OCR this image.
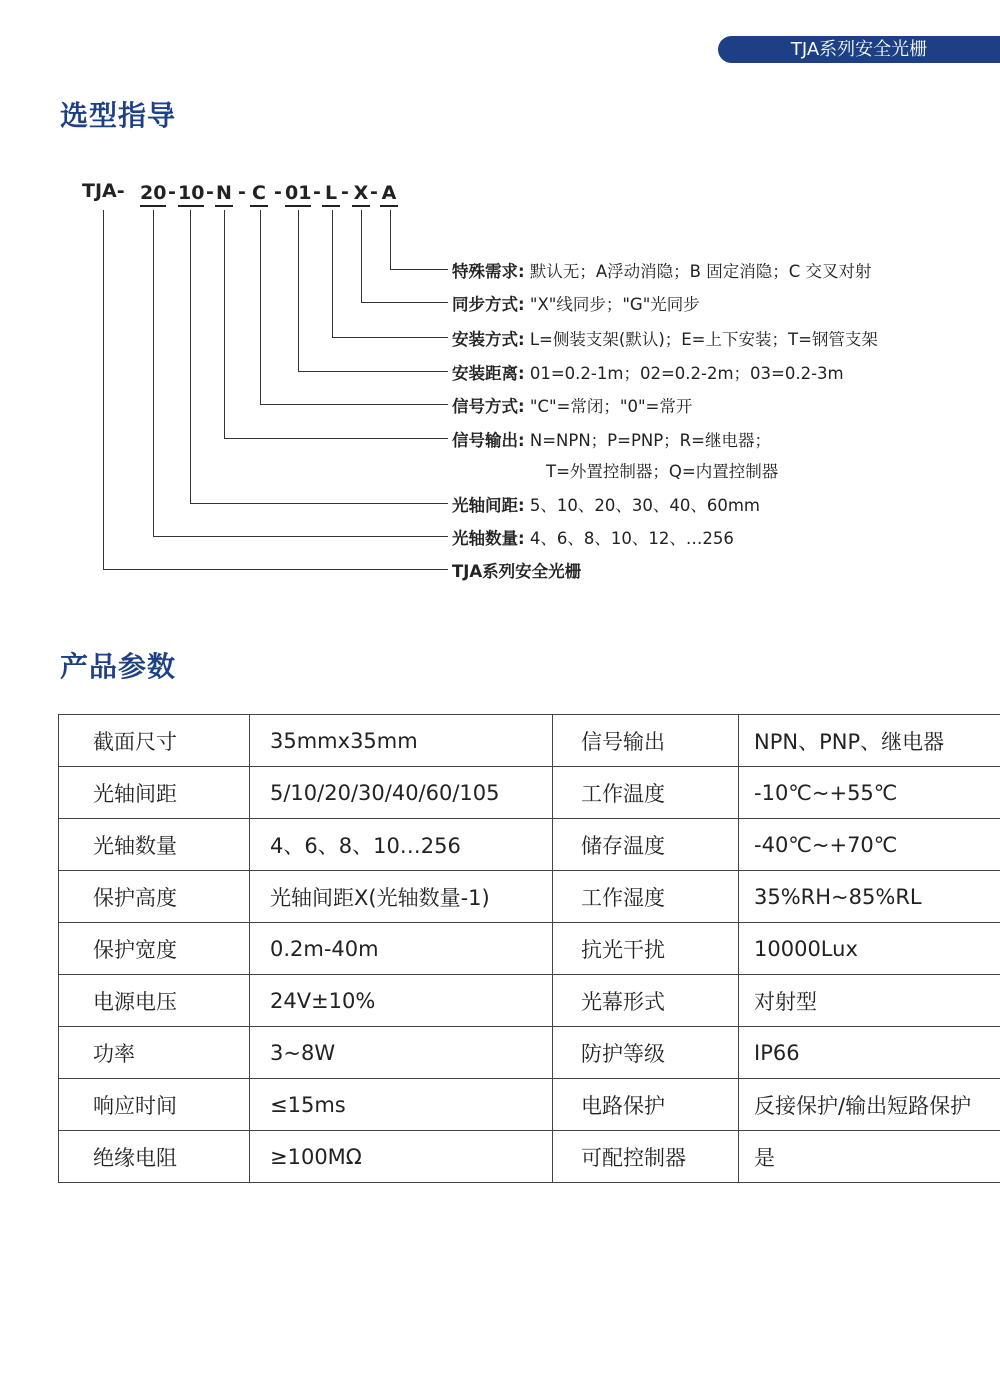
TJA系列安全光栅
选型指导
TJA- 20 - 10 - N - C - 01 - L - X - A
特殊需求: 默认无；A浮动消隐；B 固定消隐；C 交叉对射
同步方式: "X"线同步；"G"光同步
安装方式: L=侧装支架(默认)；E=上下安装；T=钢管支架
安装距离: 01=0.2-1m；02=0.2-2m；03=0.2-3m
信号方式: "C"=常闭；"0"=常开
信号输出: N=NPN；P=PNP；R=继电器；
T=外置控制器；Q=内置控制器
光轴间距: 5、10、20、30、40、60mm
光轴数量: 4、6、8、10、12、…256
TJA系列安全光栅
产品参数
截面尺寸	35mmx35mm	信号输出	NPN、PNP、继电器
光轴间距	5/10/20/30/40/60/105	工作温度	-10℃~+55℃
光轴数量	4、6、8、10…256	储存温度	-40℃~+70℃
保护高度	光轴间距X(光轴数量-1)	工作湿度	35%RH~85%RL
保护宽度	0.2m-40m	抗光干扰	10000Lux
电源电压	24V±10%	光幕形式	对射型
功率	3~8W	防护等级	IP66
响应时间	≤15ms	电路保护	反接保护/输出短路保护
绝缘电阻	≥100MΩ	可配控制器	是
